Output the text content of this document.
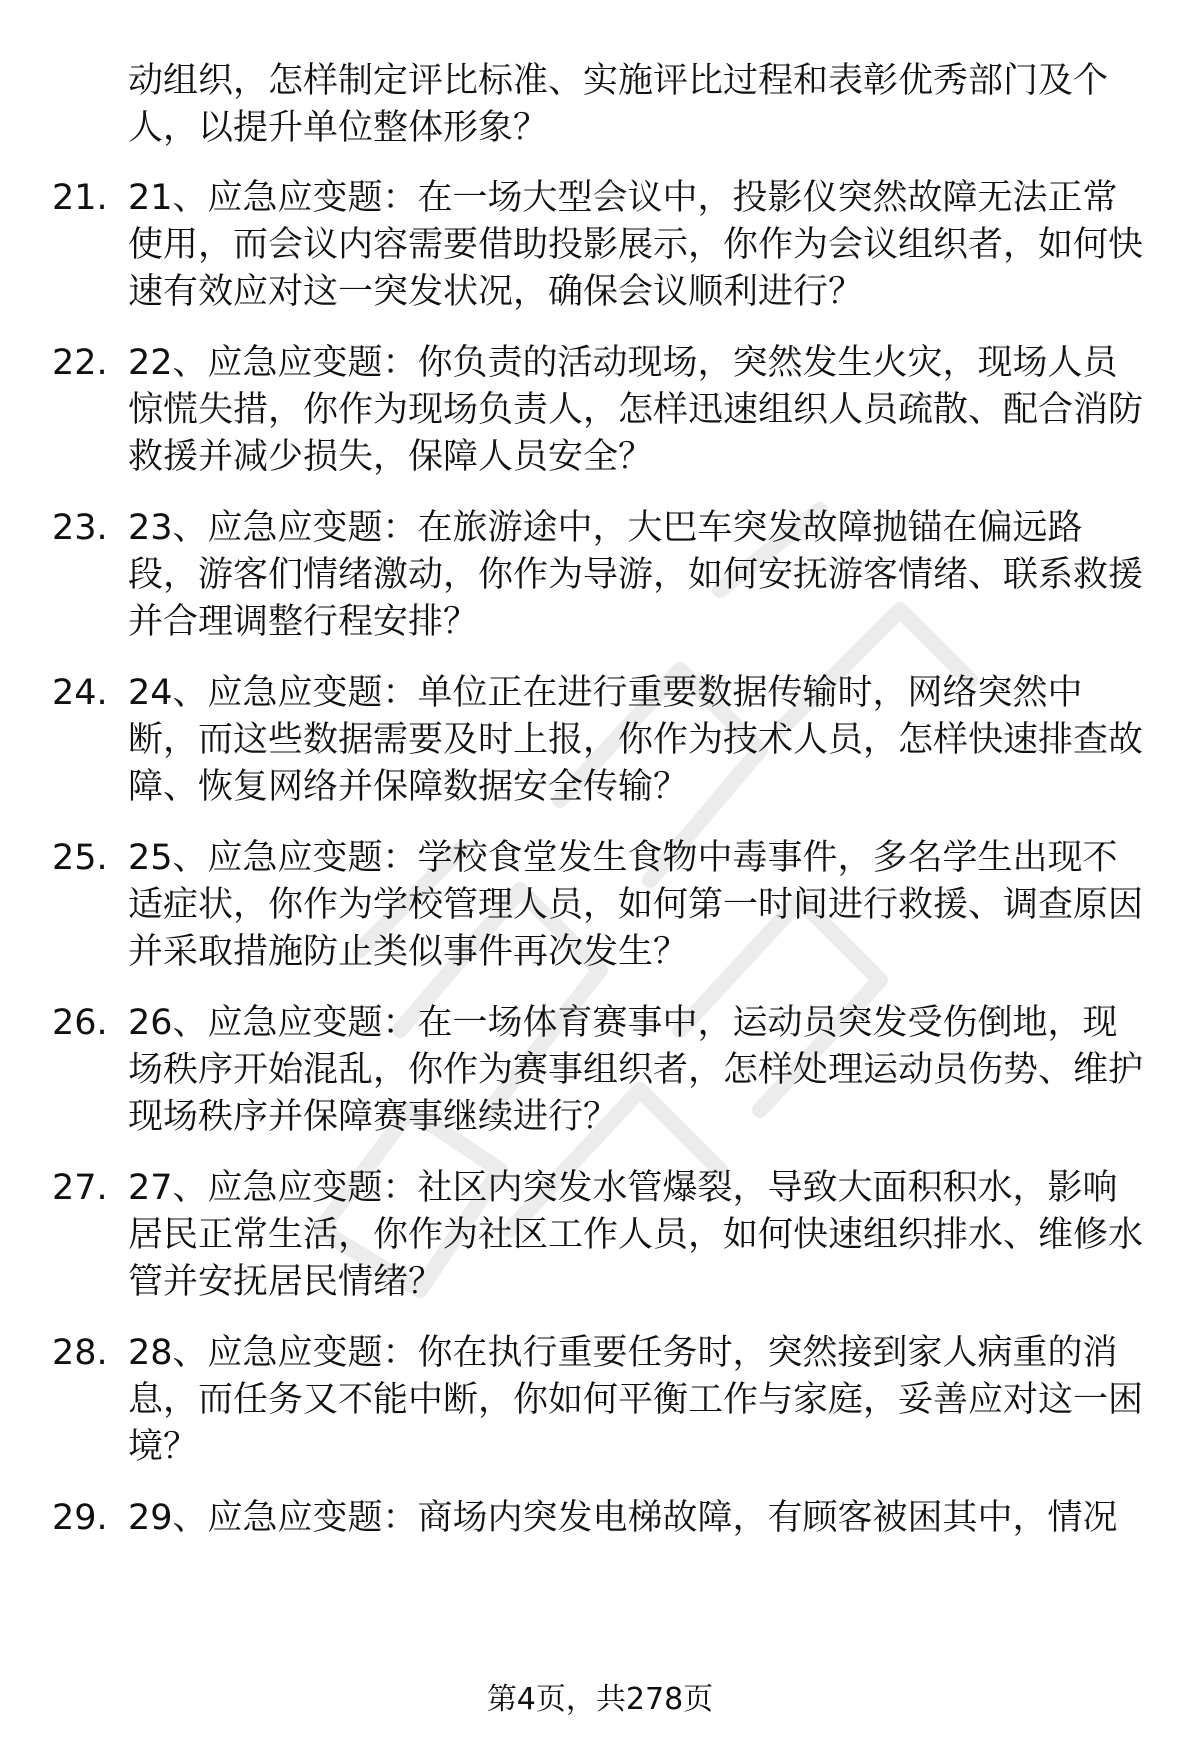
动组织，怎样制定评比标准、实施评比过程和表彰优秀部门及个人，以提升单位整体形象？
21. 21、应急应变题：在一场大型会议中，投影仪突然故障无法正常使用，而会议内容需要借助投影展示，你作为会议组织者，如何快速有效应对这一突发状况，确保会议顺利进行？
22. 22、应急应变题：你负责的活动现场，突然发生火灾，现场人员惊慌失措，你作为现场负责人，怎样迅速组织人员疏散、配合消防救援并减少损失，保障人员安全？
23. 23、应急应变题：在旅游途中，大巴车突发故障抛锚在偏远路段，游客们情绪激动，你作为导游，如何安抚游客情绪、联系救援并合理调整行程安排？
24. 24、应急应变题：单位正在进行重要数据传输时，网络突然中断，而这些数据需要及时上报，你作为技术人员，怎样快速排查故障、恢复网络并保障数据安全传输？
25. 25、应急应变题：学校食堂发生食物中毒事件，多名学生出现不适症状，你作为学校管理人员，如何第一时间进行救援、调查原因并采取措施防止类似事件再次发生？
26. 26、应急应变题：在一场体育赛事中，运动员突发受伤倒地，现场秩序开始混乱，你作为赛事组织者，怎样处理运动员伤势、维护现场秩序并保障赛事继续进行？
27. 27、应急应变题：社区内突发水管爆裂，导致大面积积水，影响居民正常生活，你作为社区工作人员，如何快速组织排水、维修水管并安抚居民情绪？
28. 28、应急应变题：你在执行重要任务时，突然接到家人病重的消息，而任务又不能中断，你如何平衡工作与家庭，妥善应对这一困境？
29. 29、应急应变题：商场内突发电梯故障，有顾客被困其中，情况
第4页，共278页
